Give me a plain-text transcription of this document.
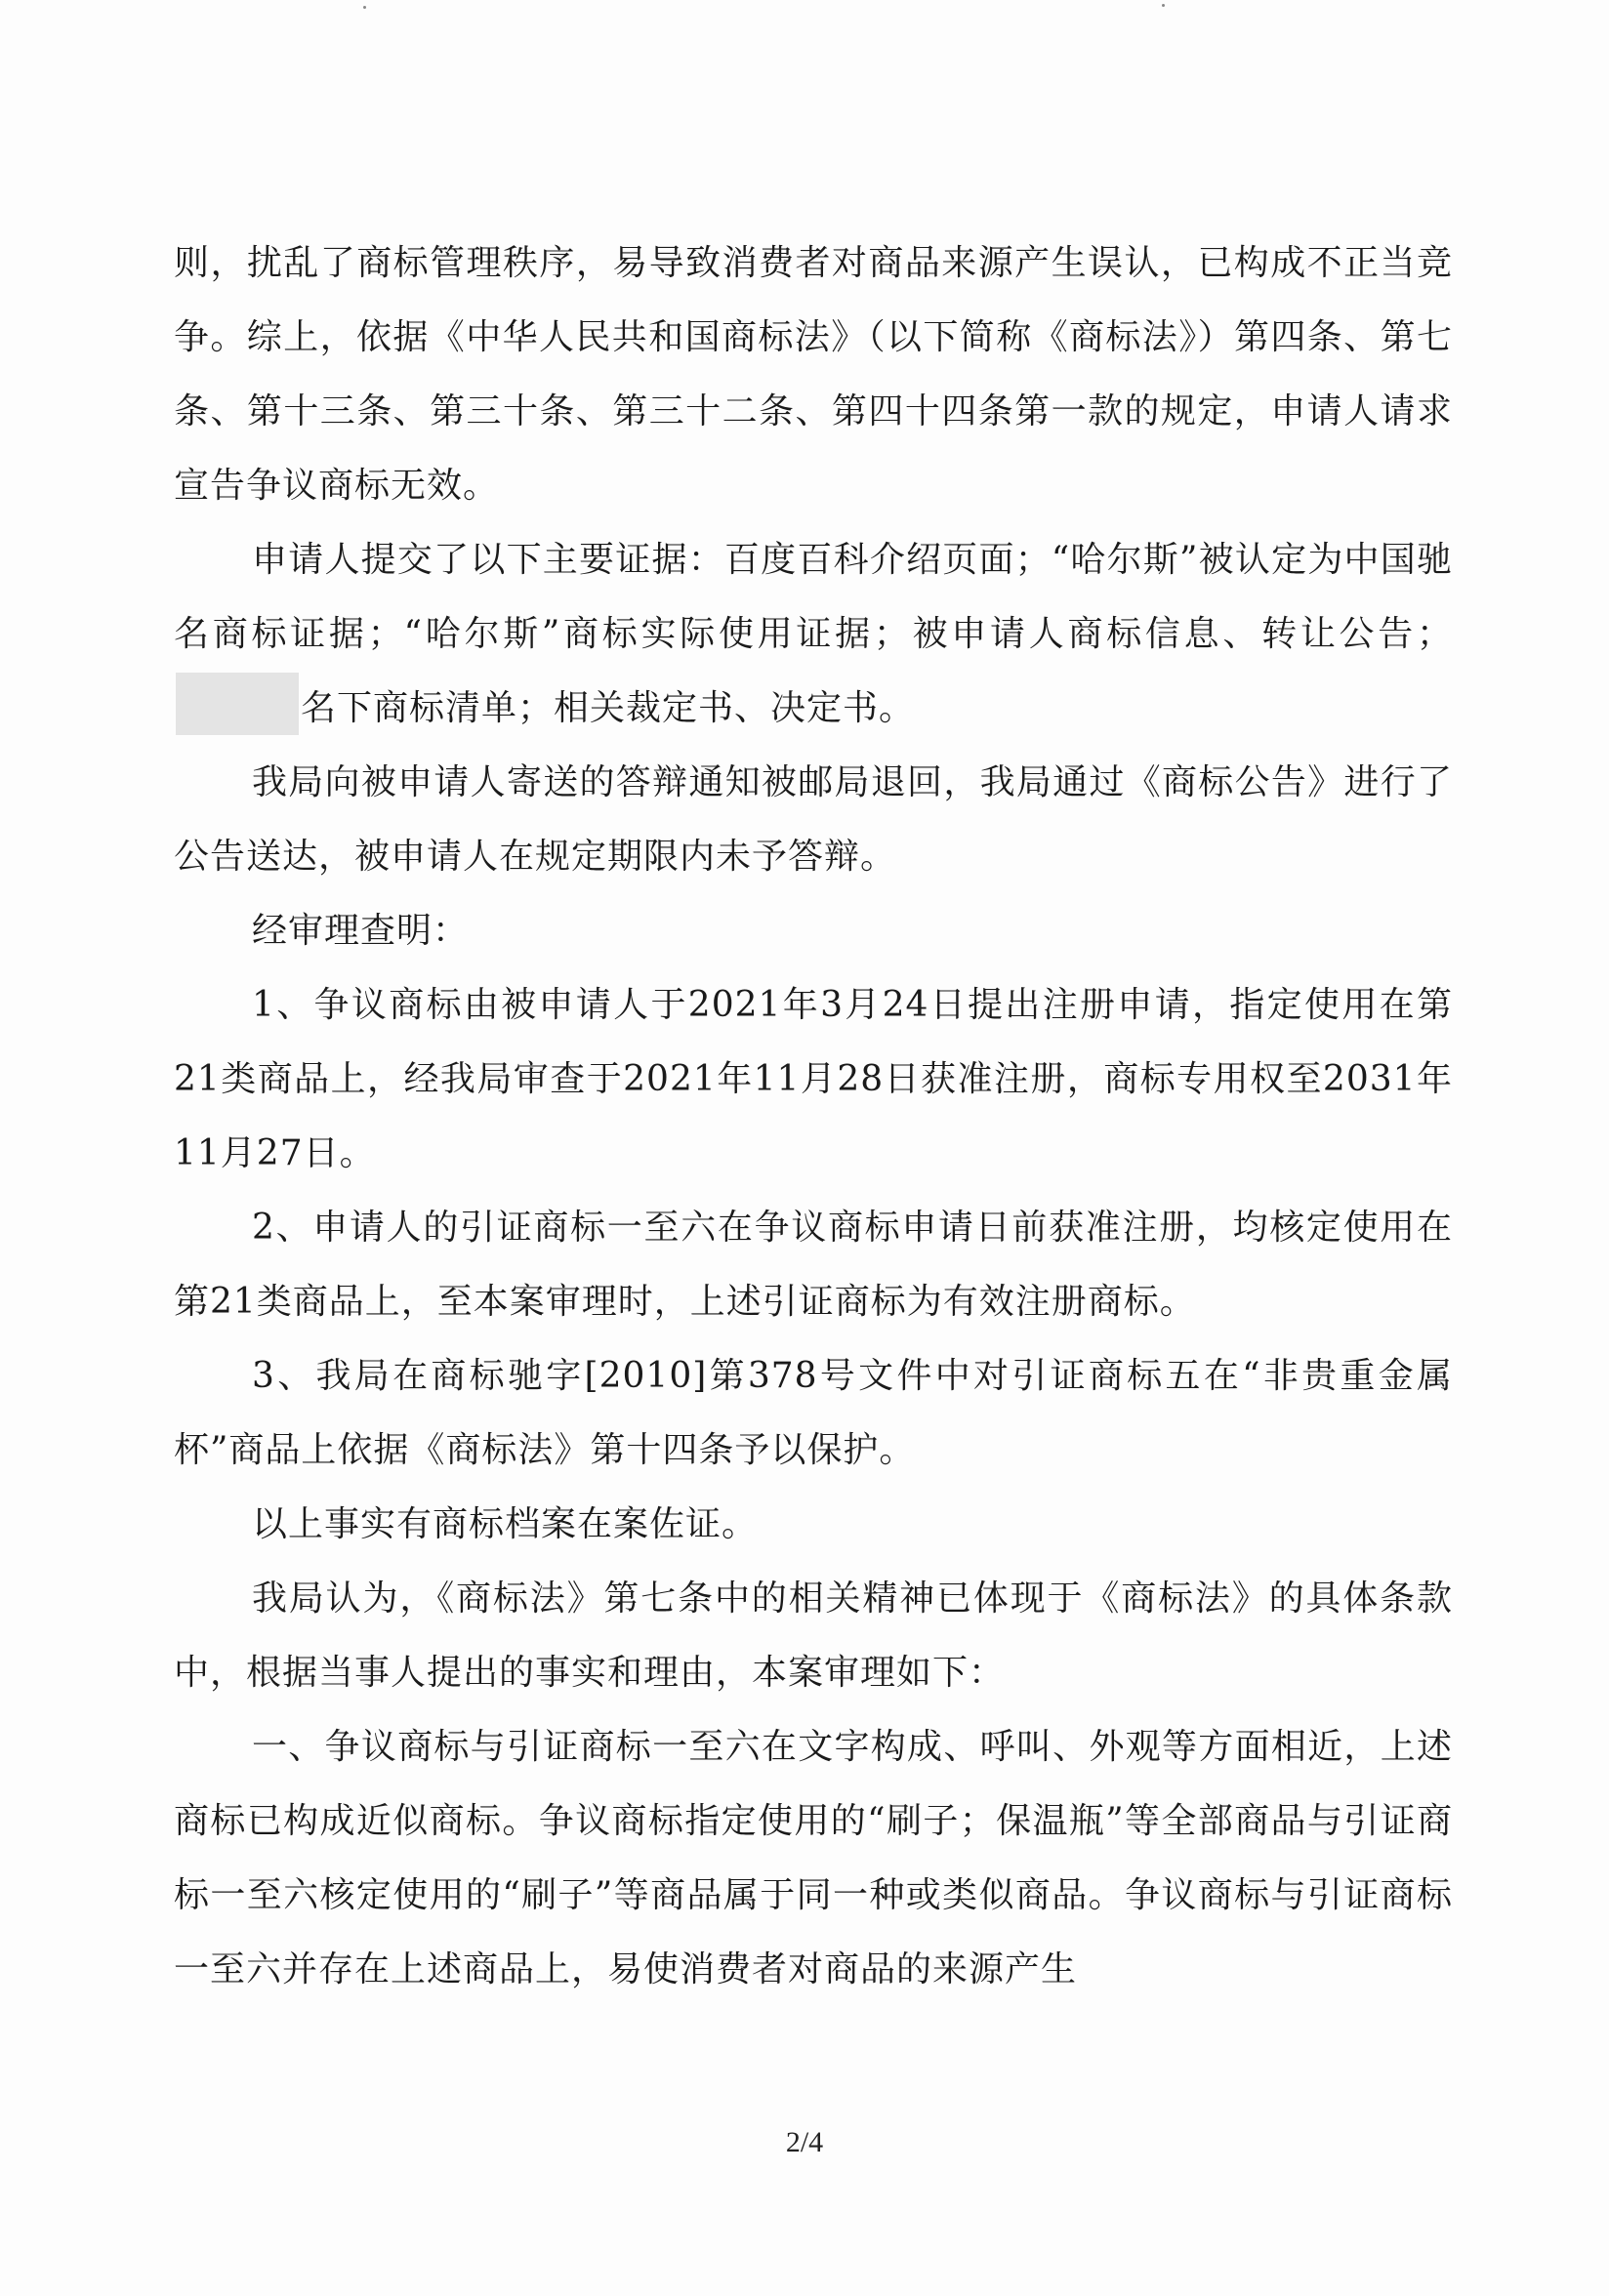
则，扰乱了商标管理秩序，易导致消费者对商品来源产生误认，已构成不正当竞争。综上，依据《中华人民共和国商标法》（以下简称《商标法》）第四条、第七条、第十三条、第三十条、第三十二条、第四十四条第一款的规定，申请人请求宣告争议商标无效。

申请人提交了以下主要证据：百度百科介绍页面；“哈尔斯”被认定为中国驰名商标证据；“哈尔斯”商标实际使用证据；被申请人商标信息、转让公告；名下商标清单；相关裁定书、决定书。

我局向被申请人寄送的答辩通知被邮局退回，我局通过《商标公告》进行了公告送达，被申请人在规定期限内未予答辩。

经审理查明：

1、争议商标由被申请人于2021年3月24日提出注册申请，指定使用在第21类商品上，经我局审查于2021年11月28日获准注册，商标专用权至2031年11月27日。

2、申请人的引证商标一至六在争议商标申请日前获准注册，均核定使用在第21类商品上，至本案审理时，上述引证商标为有效注册商标。

3、我局在商标驰字[2010]第378号文件中对引证商标五在“非贵重金属杯”商品上依据《商标法》第十四条予以保护。

以上事实有商标档案在案佐证。

我局认为，《商标法》第七条中的相关精神已体现于《商标法》的具体条款中，根据当事人提出的事实和理由，本案审理如下：

一、争议商标与引证商标一至六在文字构成、呼叫、外观等方面相近，上述商标已构成近似商标。争议商标指定使用的“刷子；保温瓶”等全部商品与引证商标一至六核定使用的“刷子”等商品属于同一种或类似商品。争议商标与引证商标一至六并存在上述商品上，易使消费者对商品的来源产生

2/4
